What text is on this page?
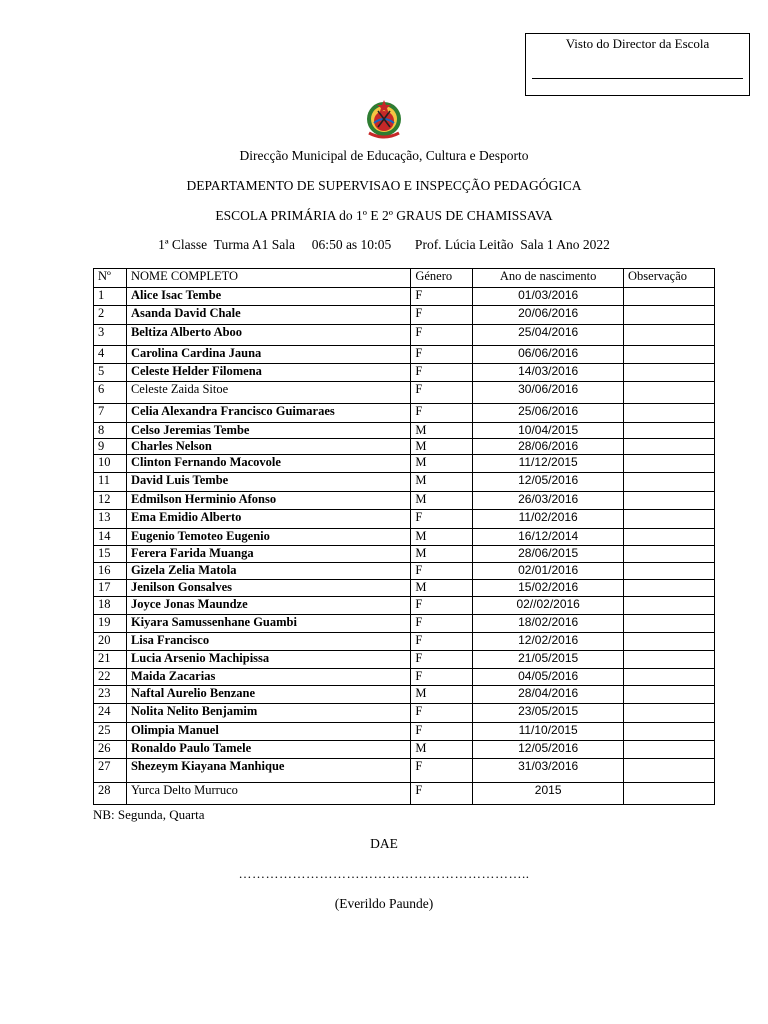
Visto do Director da Escola
Direcção Municipal de Educação, Cultura e Desporto
DEPARTAMENTO DE SUPERVISAO E INSPECÇÃO PEDAGÓGICA
ESCOLA PRIMÁRIA do 1º E 2º GRAUS DE CHAMISSAVA
1ª Classe  Turma A1 Sala     06:50 as 10:05       Prof. Lúcia Leitão  Sala 1 Ano 2022
Nº	NOME COMPLETO	Género	Ano de nascimento	Observação
1	Alice Isac Tembe	F	01/03/2016	
2	Asanda David Chale	F	20/06/2016	
3	Beltiza Alberto Aboo	F	25/04/2016	
4	Carolina Cardina Jauna	F	06/06/2016	
5	Celeste Helder Filomena	F	14/03/2016	
6	Celeste Zaida Sitoe	F	30/06/2016	
7	Celia Alexandra Francisco Guimaraes	F	25/06/2016	
8	Celso Jeremias Tembe	M	10/04/2015	
9	Charles Nelson	M	28/06/2016	
10	Clinton Fernando Macovole	M	11/12/2015	
11	David Luis Tembe	M	12/05/2016	
12	Edmilson Herminio Afonso	M	26/03/2016	
13	Ema Emidio Alberto	F	11/02/2016	
14	Eugenio Temoteo Eugenio	M	16/12/2014	
15	Ferera Farida Muanga	M	28/06/2015	
16	Gizela Zelia Matola	F	02/01/2016	
17	Jenilson Gonsalves	M	15/02/2016	
18	Joyce Jonas Maundze	F	02//02/2016	
19	Kiyara Samussenhane Guambi	F	18/02/2016	
20	Lisa Francisco	F	12/02/2016	
21	Lucia Arsenio Machipissa	F	21/05/2015	
22	Maida Zacarias	F	04/05/2016	
23	Naftal Aurelio Benzane	M	28/04/2016	
24	Nolita Nelito Benjamim	F	23/05/2015	
25	Olimpia Manuel	F	11/10/2015	
26	Ronaldo Paulo Tamele	M	12/05/2016	
27	Shezeym Kiayana Manhique	F	31/03/2016	
28	Yurca Delto Murruco	F	2015	
NB: Segunda, Quarta
DAE
………………………………………………………..
(Everildo Paunde)
